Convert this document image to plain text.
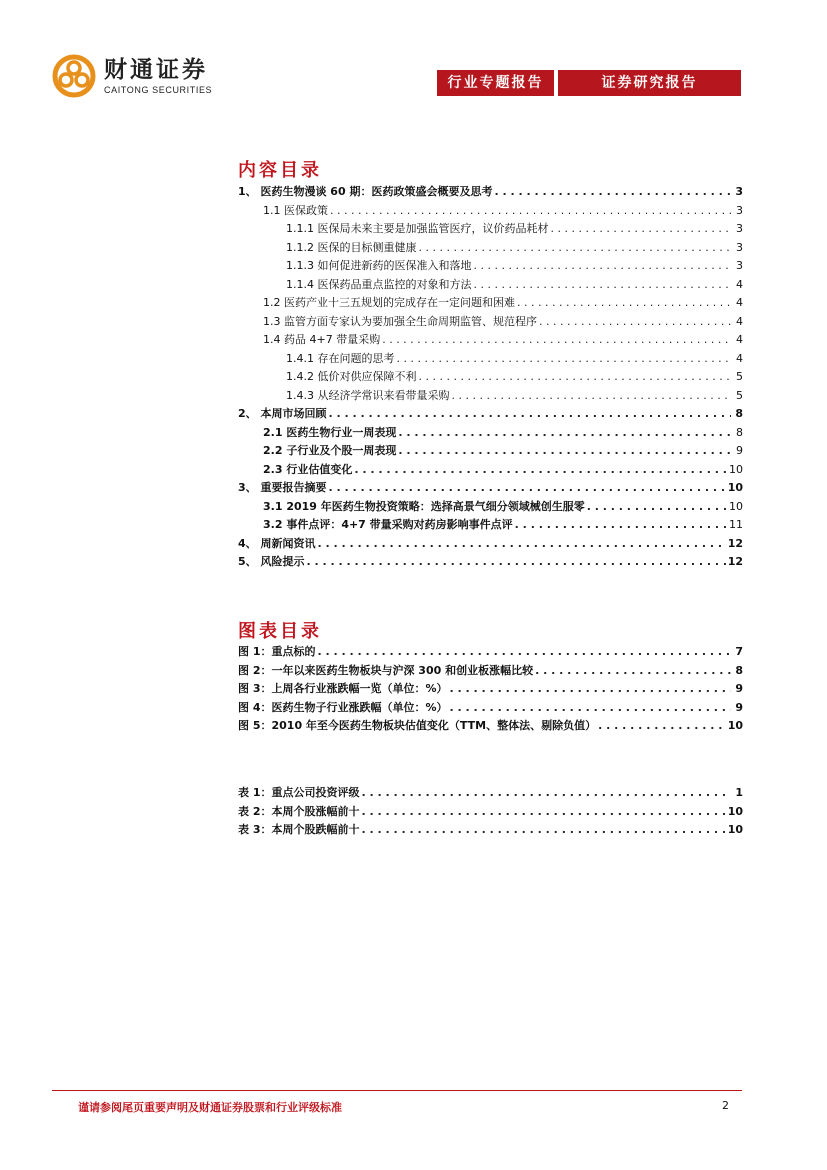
财通证券
CAITONG SECURITIES	行业专题报告	证券研究报告
内容目录
1、 医药生物漫谈 60 期：医药政策盛会概要及思考 . . .	3
1.1 医保政策 . . .	3
1.1.1 医保局未来主要是加强监管医疗，议价药品耗材 . . .	3
1.1.2 医保的目标侧重健康 . . .	3
1.1.3 如何促进新药的医保准入和落地 . . .	3
1.1.4 医保药品重点监控的对象和方法 . . .	4
1.2 医药产业十三五规划的完成存在一定问题和困难 . . .	4
1.3 监管方面专家认为要加强全生命周期监管、规范程序 . . .	4
1.4 药品 4+7 带量采购 . . .	4
1.4.1 存在问题的思考 . . .	4
1.4.2 低价对供应保障不利 . . .	5
1.4.3 从经济学常识来看带量采购 . . .	5
2、 本周市场回顾 . . .	8
2.1 医药生物行业一周表现 . . .	8
2.2 子行业及个股一周表现 . . .	9
2.3 行业估值变化 . . .	10
3、 重要报告摘要 . . .	10
3.1 2019 年医药生物投资策略：选择高景气细分领域械创生服零 . . .	10
3.2 事件点评：4+7 带量采购对药房影响事件点评 . . .	11
4、 周新闻资讯 . . .	12
5、 风险提示 . . .	12
图表目录
图 1：重点标的 . . .	7
图 2：一年以来医药生物板块与沪深 300 和创业板涨幅比较 . . .	8
图 3：上周各行业涨跌幅一览（单位：%） . . .	9
图 4：医药生物子行业涨跌幅（单位：%） . . .	9
图 5：2010 年至今医药生物板块估值变化（TTM、整体法、剔除负值） . . .	10
表 1：重点公司投资评级 . . .	1
表 2：本周个股涨幅前十 . . .	10
表 3：本周个股跌幅前十 . . .	10
谨请参阅尾页重要声明及财通证券股票和行业评级标准	2
